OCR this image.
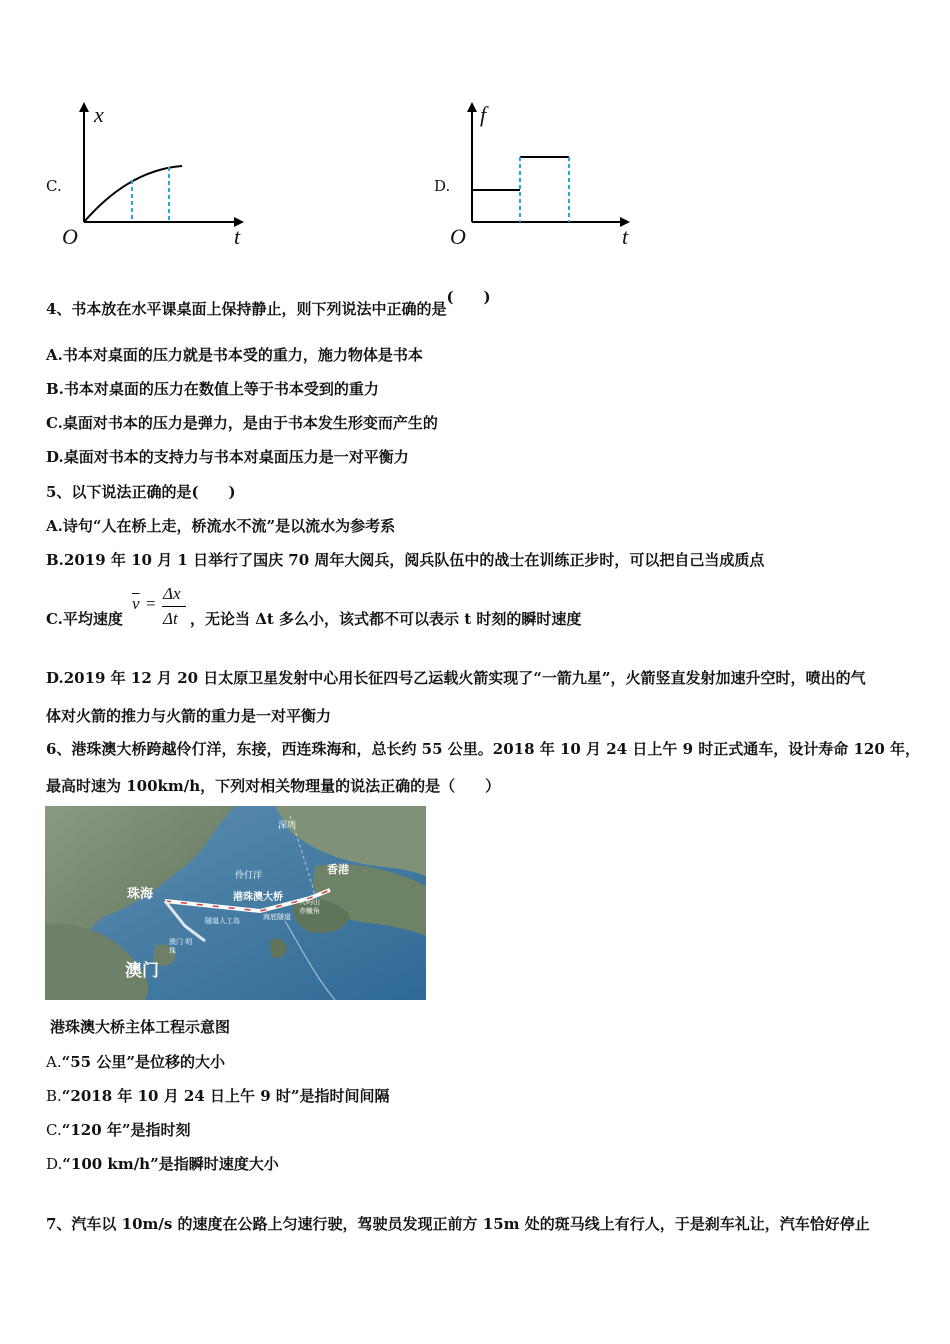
C.
x
t
O
D.
f
t
O
4、书本放在水平课桌面上保持静止，则下列说法中正确的是(　　)
A.书本对桌面的压力就是书本受的重力，施力物体是书本
B.书本对桌面的压力在数值上等于书本受到的重力
C.桌面对书本的压力是弹力，是由于书本发生形变而产生的
D.桌面对书本的支持力与书本对桌面压力是一对平衡力
5、以下说法正确的是(　　)
A.诗句“人在桥上走，桥流水不流”是以流水为参考系
B.2019 年 10 月 1 日举行了国庆 70 周年大阅兵，阅兵队伍中的战士在训练正步时，可以把自己当成质点
C.平均速度
$\overline{v}$ =
Δx
Δt ，无论当 Δt 多么小，该式都不可以表示 t 时刻的瞬时速度
D.2019 年 12 月 20 日太原卫星发射中心用长征四号乙运载火箭实现了“一箭九星”，火箭竖直发射加速升空时，喷出的气
体对火箭的推力与火箭的重力是一对平衡力
6、港珠澳大桥跨越伶仃洋，东接，西连珠海和，总长约 55 公里。2018 年 10 月 24 日上午 9 时正式通车，设计寿命 120 年，
最高时速为 100km/h，下列对相关物理量的说法正确的是（　　）
深圳
伶仃洋
珠海
香港
港珠澳大桥 大屿山 赤鱲角
海底隧道
隧道人工岛
澳门 明珠
澳门
港珠澳大桥主体工程示意图
A.“55 公里”是位移的大小
B.“2018 年 10 月 24 日上午 9 时”是指时间间隔
C.“120 年”是指时刻
D.“100 km/h”是指瞬时速度大小
7、汽车以 10m/s 的速度在公路上匀速行驶，驾驶员发现正前方 15m 处的斑马线上有行人，于是刹车礼让，汽车恰好停止
